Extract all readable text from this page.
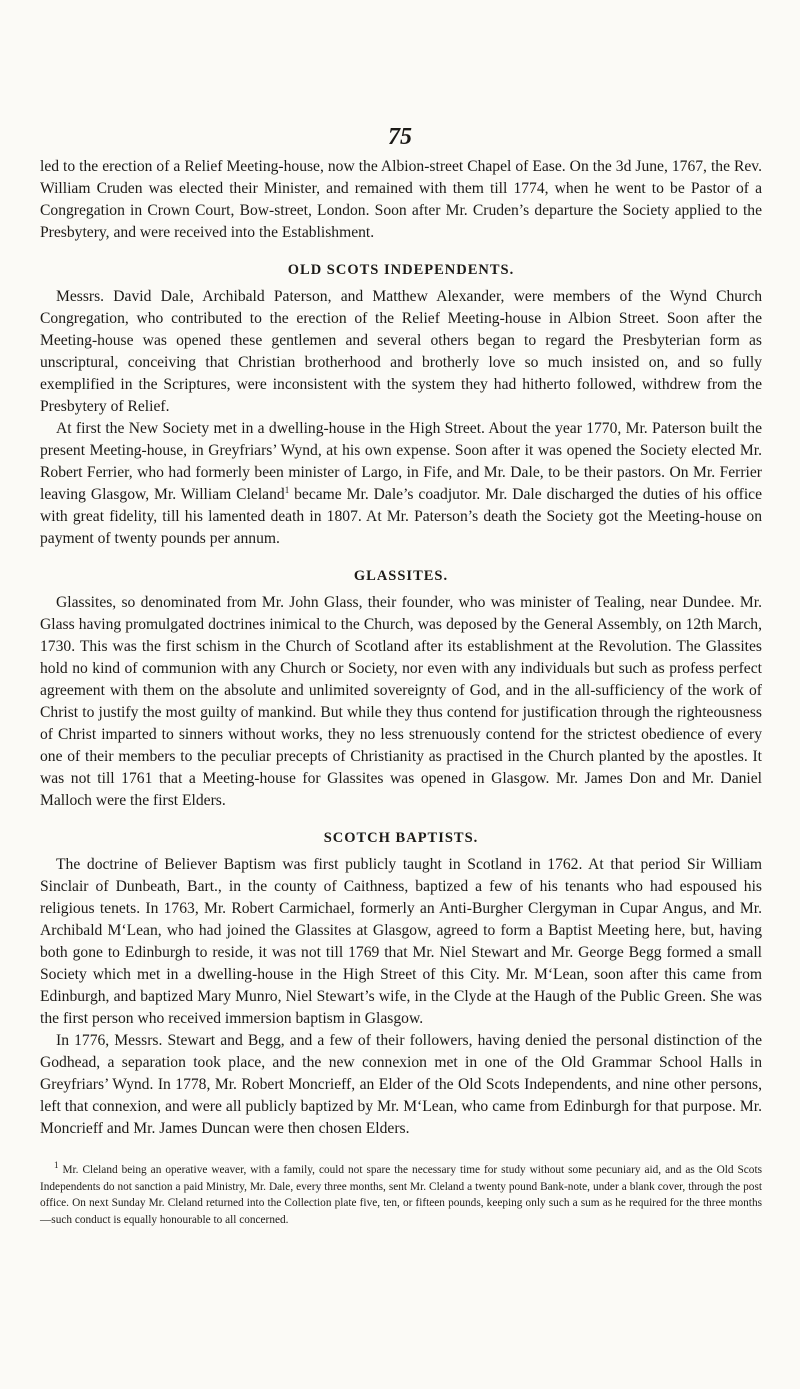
75

led to the erection of a Relief Meeting-house, now the Albion-street Chapel of Ease. On the 3d June, 1767, the Rev. William Cruden was elected their Minister, and remained with them till 1774, when he went to be Pastor of a Congregation in Crown Court, Bow-street, London. Soon after Mr. Cruden’s departure the Society applied to the Presbytery, and were received into the Establishment.

OLD SCOTS INDEPENDENTS.

Messrs. David Dale, Archibald Paterson, and Matthew Alexander, were members of the Wynd Church Congregation, who contributed to the erection of the Relief Meeting-house in Albion Street. Soon after the Meeting-house was opened these gentlemen and several others began to regard the Presbyterian form as unscriptural, conceiving that Christian brotherhood and brotherly love so much insisted on, and so fully exemplified in the Scriptures, were inconsistent with the system they had hitherto followed, withdrew from the Presbytery of Relief.

At first the New Society met in a dwelling-house in the High Street. About the year 1770, Mr. Paterson built the present Meeting-house, in Greyfriars’ Wynd, at his own expense. Soon after it was opened the Society elected Mr. Robert Ferrier, who had formerly been minister of Largo, in Fife, and Mr. Dale, to be their pastors. On Mr. Ferrier leaving Glasgow, Mr. William Cleland$^1$ became Mr. Dale’s coadjutor. Mr. Dale discharged the duties of his office with great fidelity, till his lamented death in 1807. At Mr. Paterson’s death the Society got the Meeting-house on payment of twenty pounds per annum.

GLASSITES.

Glassites, so denominated from Mr. John Glass, their founder, who was minister of Tealing, near Dundee. Mr. Glass having promulgated doctrines inimical to the Church, was deposed by the General Assembly, on 12th March, 1730. This was the first schism in the Church of Scotland after its establishment at the Revolution. The Glassites hold no kind of communion with any Church or Society, nor even with any individuals but such as profess perfect agreement with them on the absolute and unlimited sovereignty of God, and in the all-sufficiency of the work of Christ to justify the most guilty of mankind. But while they thus contend for justification through the righteousness of Christ imparted to sinners without works, they no less strenuously contend for the strictest obedience of every one of their members to the peculiar precepts of Christianity as practised in the Church planted by the apostles. It was not till 1761 that a Meeting-house for Glassites was opened in Glasgow. Mr. James Don and Mr. Daniel Malloch were the first Elders.

SCOTCH BAPTISTS.

The doctrine of Believer Baptism was first publicly taught in Scotland in 1762. At that period Sir William Sinclair of Dunbeath, Bart., in the county of Caithness, baptized a few of his tenants who had espoused his religious tenets. In 1763, Mr. Robert Carmichael, formerly an Anti-Burgher Clergyman in Cupar Angus, and Mr. Archibald M‘Lean, who had joined the Glassites at Glasgow, agreed to form a Baptist Meeting here, but, having both gone to Edinburgh to reside, it was not till 1769 that Mr. Niel Stewart and Mr. George Begg formed a small Society which met in a dwelling-house in the High Street of this City. Mr. M‘Lean, soon after this came from Edinburgh, and baptized Mary Munro, Niel Stewart’s wife, in the Clyde at the Haugh of the Public Green. She was the first person who received immersion baptism in Glasgow.

In 1776, Messrs. Stewart and Begg, and a few of their followers, having denied the personal distinction of the Godhead, a separation took place, and the new connexion met in one of the Old Grammar School Halls in Greyfriars’ Wynd. In 1778, Mr. Robert Moncrieff, an Elder of the Old Scots Independents, and nine other persons, left that connexion, and were all publicly baptized by Mr. M‘Lean, who came from Edinburgh for that purpose. Mr. Moncrieff and Mr. James Duncan were then chosen Elders.

$^1$ Mr. Cleland being an operative weaver, with a family, could not spare the necessary time for study without some pecuniary aid, and as the Old Scots Independents do not sanction a paid Ministry, Mr. Dale, every three months, sent Mr. Cleland a twenty pound Bank-note, under a blank cover, through the post office. On next Sunday Mr. Cleland returned into the Collection plate five, ten, or fifteen pounds, keeping only such a sum as he required for the three months —such conduct is equally honourable to all concerned.
